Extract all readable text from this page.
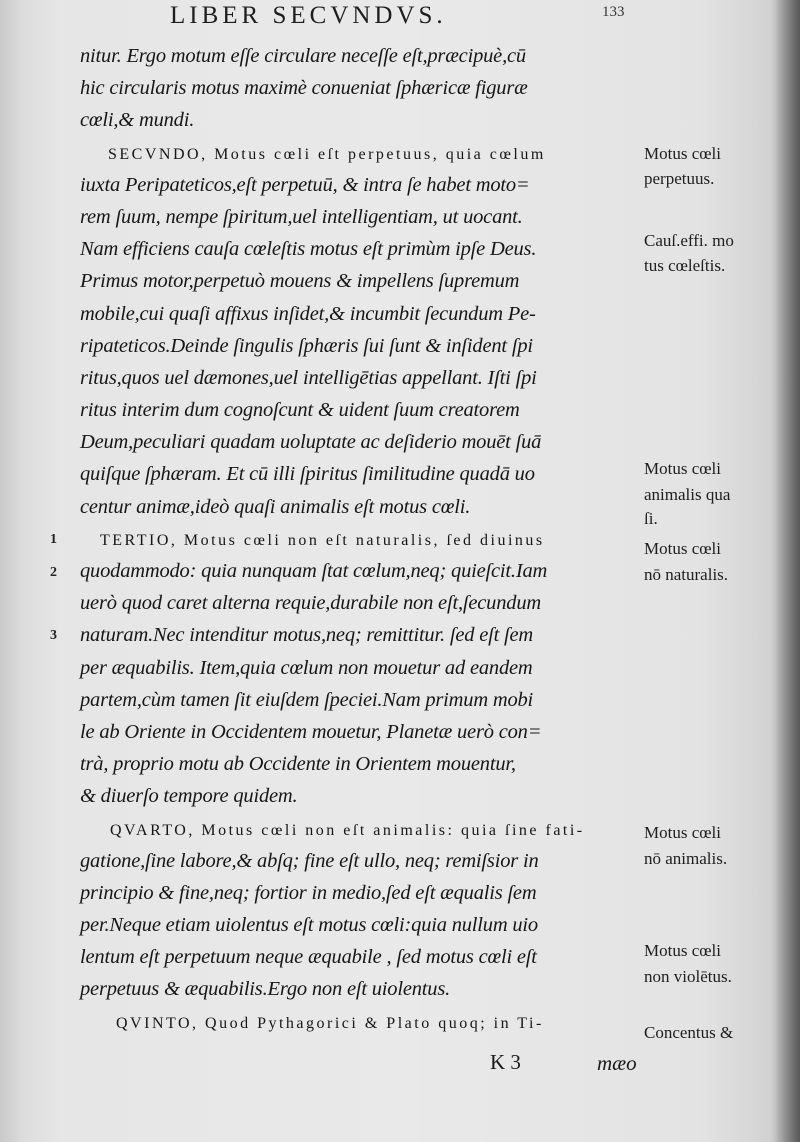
LIBER SECVNDVS.	133
1
2
3
nitur. Ergo motum eſſe circulare neceſſe eſt,præcipuè,cū
hic circularis motus maximè conueniat ſphæricæ figuræ
cœli,& mundi.
SECVNDO, Motus cœli eſt perpetuus, quia cœlum
iuxta Peripateticos,eſt perpetuū, & intra ſe habet moto=
rem ſuum, nempe ſpiritum,uel intelligentiam, ut uocant.
Nam efficiens cauſa cœleſtis motus eſt primùm ipſe Deus.
Primus motor,perpetuò mouens & impellens ſupremum
mobile,cui quaſi affixus inſidet,& incumbit ſecundum Pe-
ripateticos.Deinde ſingulis ſphæris ſui ſunt & inſident ſpi
ritus,quos uel dæmones,uel intelligētias appellant. Iſti ſpi
ritus interim dum cognoſcunt & uident ſuum creatorem
Deum,peculiari quadam uoluptate ac deſiderio mouēt ſuā
quiſque ſphæram. Et cū illi ſpiritus ſimilitudine quadā uo
centur animæ,ideò quaſi animalis eſt motus cœli.
TERTIO, Motus cœli non eſt naturalis, ſed diuinus
quodammodo: quia nunquam ſtat cœlum,neq; quieſcit.Iam
uerò quod caret alterna requie,durabile non eſt,ſecundum
naturam.Nec intenditur motus,neq; remittitur. ſed eſt ſem
per æquabilis. Item,quia cœlum non mouetur ad eandem
partem,cùm tamen ſit eiuſdem ſpeciei.Nam primum mobi
le ab Oriente in Occidentem mouetur, Planetæ uerò con=
trà, proprio motu ab Occidente in Orientem mouentur,
& diuerſo tempore quidem.
QVARTO, Motus cœli non eſt animalis: quia ſine fati-
gatione,ſine labore,& abſq; fine eſt ullo, neq; remiſsior in
principio & fine,neq; fortior in medio,ſed eſt æqualis ſem
per.Neque etiam uiolentus eſt motus cœli:quia nullum uio
lentum eſt perpetuum neque æquabile , ſed motus cœli eſt
perpetuus & æquabilis.Ergo non eſt uiolentus.
QVINTO, Quod Pythagorici & Plato quoq; in Ti-
Motus cœli
perpetuus.
Cauſ.effi. mo
tus cœleſtis.
Motus cœli
animalis qua
ſi.
Motus cœli
nō naturalis.
Motus cœli
nō animalis.
Motus cœli
non violētus.
Concentus &
K 3	mæo
